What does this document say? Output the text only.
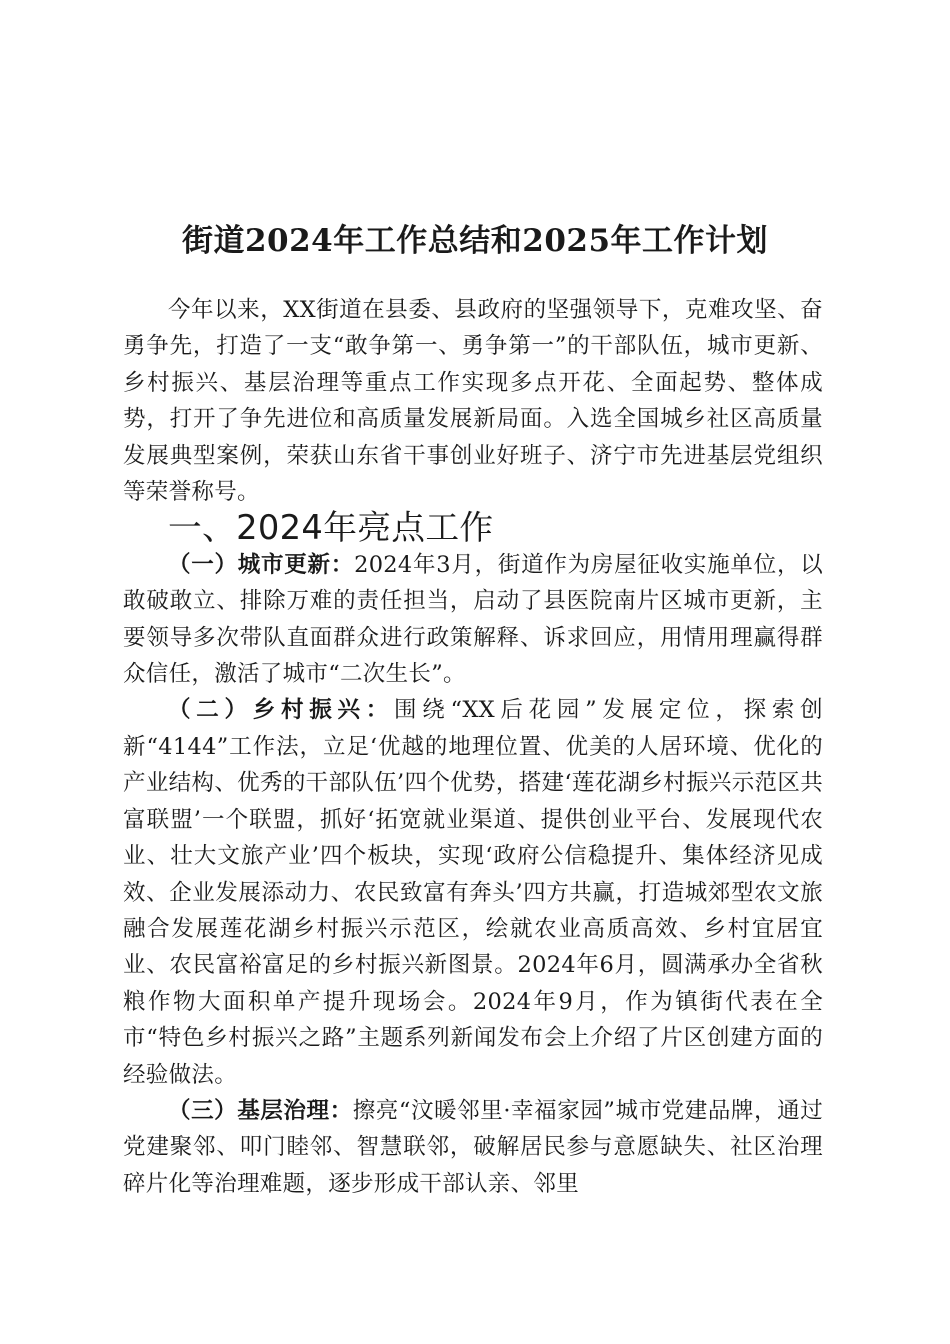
街道2024年工作总结和2025年工作计划

今年以来，XX街道在县委、县政府的坚强领导下，克难攻坚、奋勇争先，打造了一支“敢争第一、勇争第一”的干部队伍，城市更新、乡村振兴、基层治理等重点工作实现多点开花、全面起势、整体成势，打开了争先进位和高质量发展新局面。入选全国城乡社区高质量发展典型案例，荣获山东省干事创业好班子、济宁市先进基层党组织等荣誉称号。

一、2024年亮点工作

（一）城市更新：2024年3月，街道作为房屋征收实施单位，以敢破敢立、排除万难的责任担当，启动了县医院南片区城市更新，主要领导多次带队直面群众进行政策解释、诉求回应，用情用理赢得群众信任，激活了城市“二次生长”。

（二）乡村振兴：围绕“XX后花园”发展定位，探索创新“4144”工作法，立足‘优越的地理位置、优美的人居环境、优化的产业结构、优秀的干部队伍’四个优势，搭建‘莲花湖乡村振兴示范区共富联盟’一个联盟，抓好‘拓宽就业渠道、提供创业平台、发展现代农业、壮大文旅产业’四个板块，实现‘政府公信稳提升、集体经济见成效、企业发展添动力、农民致富有奔头’四方共赢，打造城郊型农文旅融合发展莲花湖乡村振兴示范区，绘就农业高质高效、乡村宜居宜业、农民富裕富足的乡村振兴新图景。2024年6月，圆满承办全省秋粮作物大面积单产提升现场会。2024年9月，作为镇街代表在全市“特色乡村振兴之路”主题系列新闻发布会上介绍了片区创建方面的经验做法。

（三）基层治理：擦亮“汶暖邻里·幸福家园”城市党建品牌，通过党建聚邻、叩门睦邻、智慧联邻，破解居民参与意愿缺失、社区治理碎片化等治理难题，逐步形成干部认亲、邻里
